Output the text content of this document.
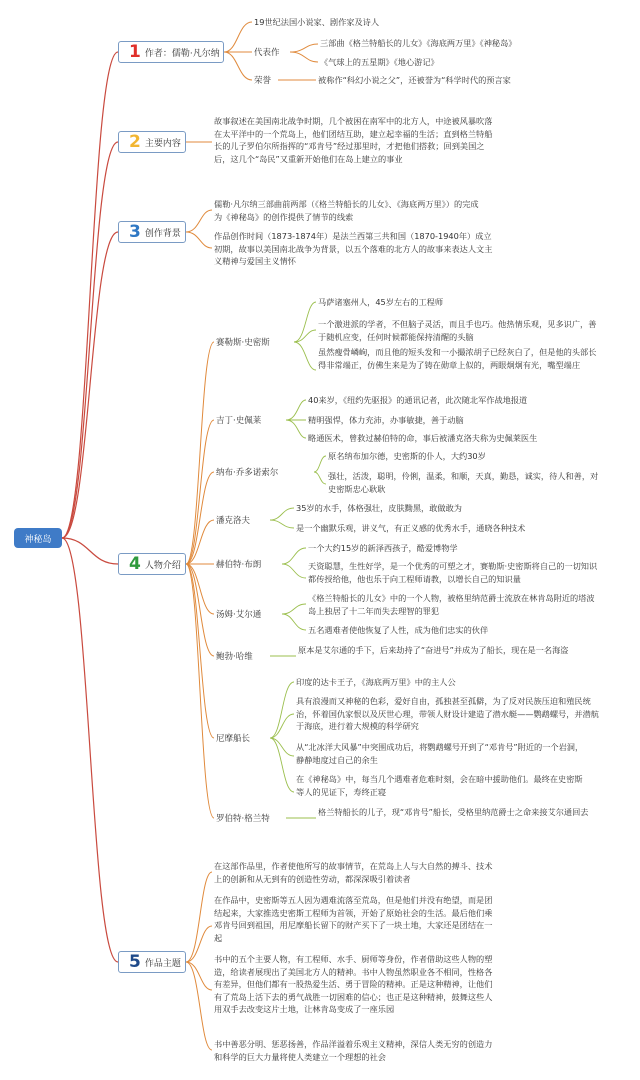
神秘岛
1 作者：儒勒·凡尔纳
2 主要内容
3 创作背景
4 人物介绍
5 作品主题

19世纪法国小说家、剧作家及诗人

代表作

三部曲《格兰特船长的儿女》《海底两万里》《神秘岛》

《气球上的五星期》《地心游记》

荣誉	被称作“科幻小说之父”，还被誉为“科学时代的预言家

故事叙述在美国南北战争时期，几个被困在南军中的北方人，中途被风暴吹落在太平洋中的一个荒岛上，他们团结互助，建立起幸福的生活；直到格兰特船长的儿子罗伯尔所指挥的“邓肯号”经过那里时，才把他们搭救；回到美国之后，这几个“岛民”又重新开始他们在岛上建立的事业

儒勒·凡尔纳三部曲前两部（《格兰特船长的儿女》、《海底两万里》）的完成为《神秘岛》的创作提供了情节的线索

作品创作时间（1873-1874年）是法兰西第三共和国（1870-1940年）成立初期，故事以美国南北战争为背景，以五个落难的北方人的故事来表达人文主义精神与爱国主义情怀

赛勒斯·史密斯

马萨诸塞州人，45岁左右的工程师

一个激进派的学者，不但脑子灵活，而且手也巧。他热情乐观，见多识广，善于随机应变，任何时候都能保持清醒的头脑

虽然瘦骨嶙峋，而且他的短头发和一小撮浓胡子已经灰白了，但是他的头部长得非常端正，仿佛生来是为了铸在勋章上似的，两眼炯炯有光，嘴型端庄

吉丁·史佩莱

40来岁，《纽约先驱报》的通讯记者，此次随北军作战地报道

精明强悍，体力充沛，办事敏捷，善于动脑

略通医术，曾救过赫伯特的命，事后被潘克洛夫称为史佩莱医生

纳布·乔多诺索尔

原名纳布加尔德，史密斯的仆人，大约30岁

强壮，活泼，聪明，伶俐，温柔，和顺，天真，勤恳，诚实，待人和善，对史密斯忠心耿耿

潘克洛夫

35岁的水手，体格强壮，皮肤黝黑，敢做敢为

是一个幽默乐观，讲义气，有正义感的优秀水手，通晓各种技术

赫伯特·布朗

一个大约15岁的新泽西孩子，酷爱博物学

天资聪慧，生性好学，是一个优秀的可塑之才，赛勒斯·史密斯将自己的一切知识都传授给他，他也乐于向工程师请教，以增长自己的知识量

汤姆·艾尔通

《格兰特船长的儿女》中的一个人物，被格里纳范爵士流放在林肯岛附近的塔波岛上独居了十二年而失去理智的罪犯

五名遇难者使他恢复了人性，成为他们忠实的伙伴

鲍勃·哈维

原本是艾尔通的手下，后来劫持了“奋进号”并成为了船长，现在是一名海盗

尼摩船长

印度的达卡王子，《海底两万里》中的主人公

具有浪漫而又神秘的色彩，爱好自由，孤独甚至孤僻，为了反对民族压迫和殖民统治，怀着国仇家恨以及厌世心理，带领人财设计建造了潜水艇——鹦鹉螺号，并潜航于海底，进行着大规模的科学研究

从“北冰洋大风暴”中突围成功后，将鹦鹉螺号开到了“邓肯号”附近的一个岩洞，静静地度过自己的余生

在《神秘岛》中，每当几个遇难者危难时刻，会在暗中援助他们。最终在史密斯等人的见证下，寿终正寝

罗伯特·格兰特

格兰特船长的儿子，现“邓肯号”船长，受格里纳范爵士之命来接艾尔通回去

在这部作品里，作者使他所写的故事情节，在荒岛上人与大自然的搏斗、技术上的创新和从无到有的创造性劳动，都深深吸引着读者

在作品中，史密斯等五人因为遇难流落至荒岛，但是他们并没有绝望，而是团结起来，大家推选史密斯工程师为首领，开始了原始社会的生活。最后他们乘邓肯号回到祖国，用尼摩船长留下的财产买下了一块土地，大家还是团结在一起

书中的五个主要人物，有工程师、水手、厨师等身份，作者借助这些人物的塑造，给读者展现出了美国北方人的精神。书中人物虽然职业各不相同，性格各有差异，但他们都有一股热爱生活、勇于冒险的精神。正是这种精神，让他们有了荒岛上活下去的勇气战胜一切困难的信心；也正是这种精神，鼓舞这些人用双手去改变这片土地，让林肯岛变成了一座乐园

书中善恶分明、惩恶扬善，作品洋溢着乐观主义精神，深信人类无穷的创造力和科学的巨大力量将使人类建立一个理想的社会
